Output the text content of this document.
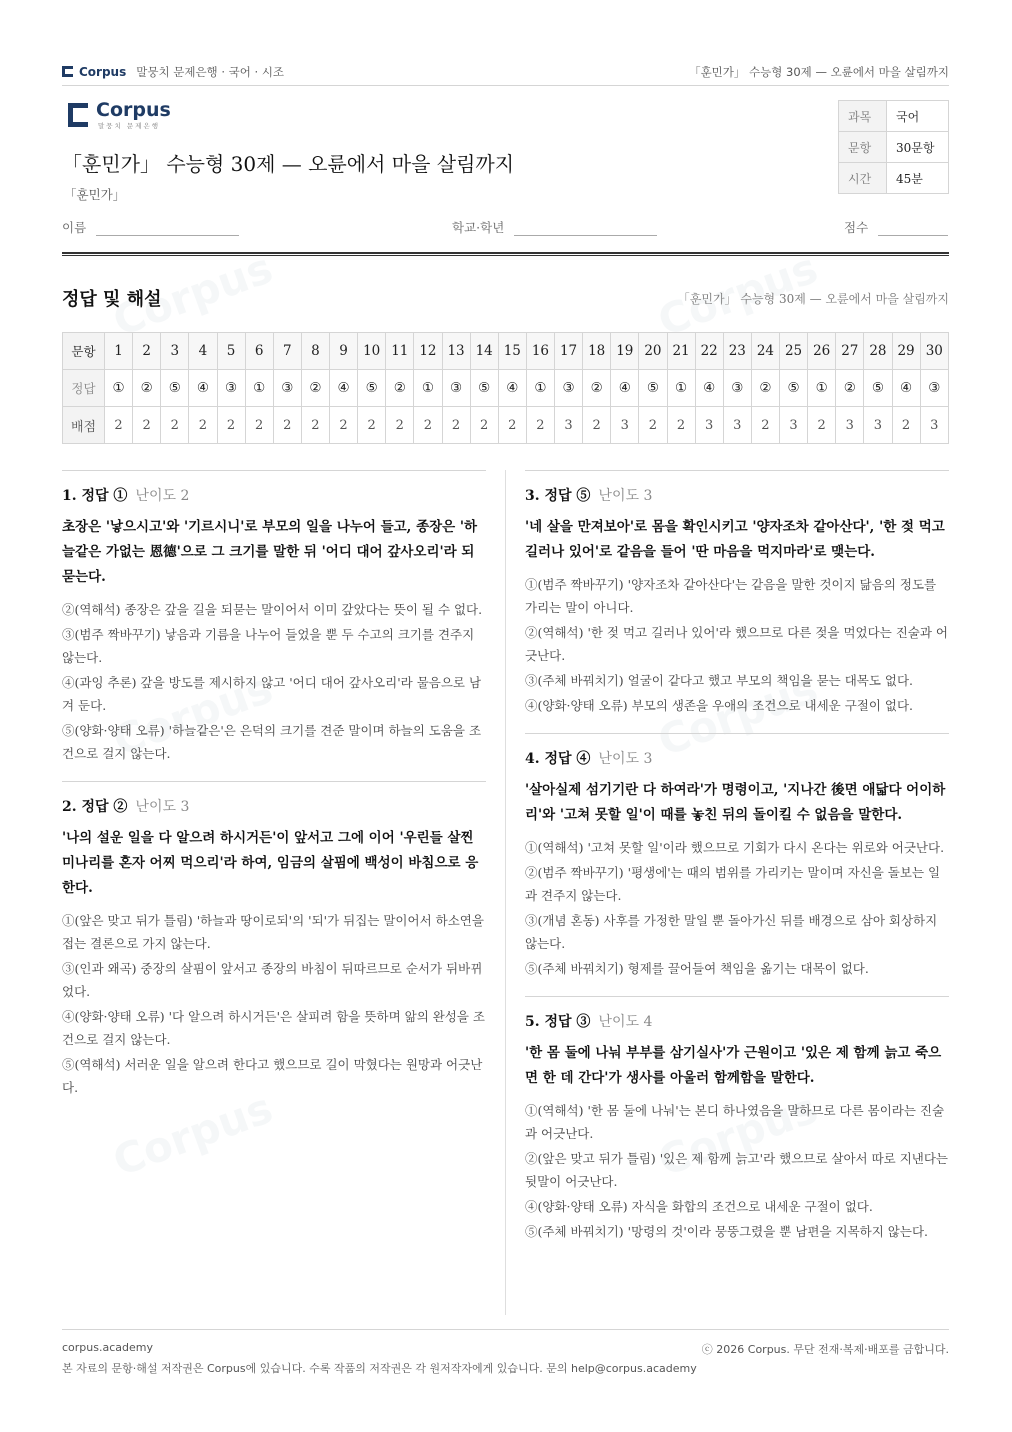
Corpus 말뭉치 문제은행 · 국어 · 시조	「훈민가」 수능형 30제 — 오륜에서 마을 살림까지
Corpus
말뭉치 문제은행
「훈민가」 수능형 30제 — 오륜에서 마을 살림까지
「훈민가」
과목	국어
문항	30문항
시간	45분
이름	학교·학년	점수
정답 및 해설	「훈민가」 수능형 30제 — 오륜에서 마을 살림까지
문항	1	2	3	4	5	6	7	8	9	10	11	12	13	14	15	16	17	18	19	20	21	22	23	24	25	26	27	28	29	30
정답	①	②	⑤	④	③	①	③	②	④	⑤	②	①	③	⑤	④	①	③	②	④	⑤	①	④	③	②	⑤	①	②	⑤	④	③
배점	2	2	2	2	2	2	2	2	2	2	2	2	2	2	2	2	3	2	3	2	2	3	3	2	3	2	3	3	2	3
1. 정답 ① 난이도 2
초장은 '낳으시고'와 '기르시니'로 부모의 일을 나누어 들고, 종장은 '하늘같은 가없는 恩德'으로 그 크기를 말한 뒤 '어디 대어 갚사오리'라 되묻는다.
②(역해석) 종장은 갚을 길을 되묻는 말이어서 이미 갚았다는 뜻이 될 수 없다.
③(범주 짝바꾸기) 낳음과 기름을 나누어 들었을 뿐 두 수고의 크기를 견주지 않는다.
④(과잉 추론) 갚을 방도를 제시하지 않고 '어디 대어 갚사오리'라 물음으로 남겨 둔다.
⑤(양화·양태 오류) '하늘같은'은 은덕의 크기를 견준 말이며 하늘의 도움을 조건으로 걸지 않는다.
2. 정답 ② 난이도 3
'나의 설운 일을 다 알으려 하시거든'이 앞서고 그에 이어 '우린들 살찐 미나리를 혼자 어찌 먹으리'라 하여, 임금의 살핌에 백성이 바침으로 응한다.
①(앞은 맞고 뒤가 틀림) '하늘과 땅이로되'의 '되'가 뒤집는 말이어서 하소연을 접는 결론으로 가지 않는다.
③(인과 왜곡) 중장의 살핌이 앞서고 종장의 바침이 뒤따르므로 순서가 뒤바뀌었다.
④(양화·양태 오류) '다 알으려 하시거든'은 살피려 함을 뜻하며 앎의 완성을 조건으로 걸지 않는다.
⑤(역해석) 서러운 일을 알으려 한다고 했으므로 길이 막혔다는 원망과 어긋난다.
3. 정답 ⑤ 난이도 3
'네 살을 만져보아'로 몸을 확인시키고 '양자조차 같아산다', '한 젖 먹고 길러나 있어'로 같음을 들어 '딴 마음을 먹지마라'로 맺는다.
①(범주 짝바꾸기) '양자조차 같아산다'는 같음을 말한 것이지 닮음의 정도를 가리는 말이 아니다.
②(역해석) '한 젖 먹고 길러나 있어'라 했으므로 다른 젖을 먹었다는 진술과 어긋난다.
③(주체 바꿔치기) 얼굴이 같다고 했고 부모의 책임을 묻는 대목도 없다.
④(양화·양태 오류) 부모의 생존을 우애의 조건으로 내세운 구절이 없다.
4. 정답 ④ 난이도 3
'살아실제 섬기기란 다 하여라'가 명령이고, '지나간 後면 애닯다 어이하리'와 '고쳐 못할 일'이 때를 놓친 뒤의 돌이킬 수 없음을 말한다.
①(역해석) '고쳐 못할 일'이라 했으므로 기회가 다시 온다는 위로와 어긋난다.
②(범주 짝바꾸기) '평생에'는 때의 범위를 가리키는 말이며 자신을 돌보는 일과 견주지 않는다.
③(개념 혼동) 사후를 가정한 말일 뿐 돌아가신 뒤를 배경으로 삼아 회상하지 않는다.
⑤(주체 바꿔치기) 형제를 끌어들여 책임을 옮기는 대목이 없다.
5. 정답 ③ 난이도 4
'한 몸 둘에 나눠 부부를 삼기실사'가 근원이고 '있은 제 함께 늙고 죽으면 한 데 간다'가 생사를 아울러 함께함을 말한다.
①(역해석) '한 몸 둘에 나눠'는 본디 하나였음을 말하므로 다른 몸이라는 진술과 어긋난다.
②(앞은 맞고 뒤가 틀림) '있은 제 함께 늙고'라 했으므로 살아서 따로 지낸다는 뒷말이 어긋난다.
④(양화·양태 오류) 자식을 화합의 조건으로 내세운 구절이 없다.
⑤(주체 바꿔치기) '망령의 것'이라 뭉뚱그렸을 뿐 남편을 지목하지 않는다.
corpus.academy	ⓒ 2026 Corpus. 무단 전재·복제·배포를 금합니다.
본 자료의 문항·해설 저작권은 Corpus에 있습니다. 수록 작품의 저작권은 각 원저작자에게 있습니다. 문의 help@corpus.academy
